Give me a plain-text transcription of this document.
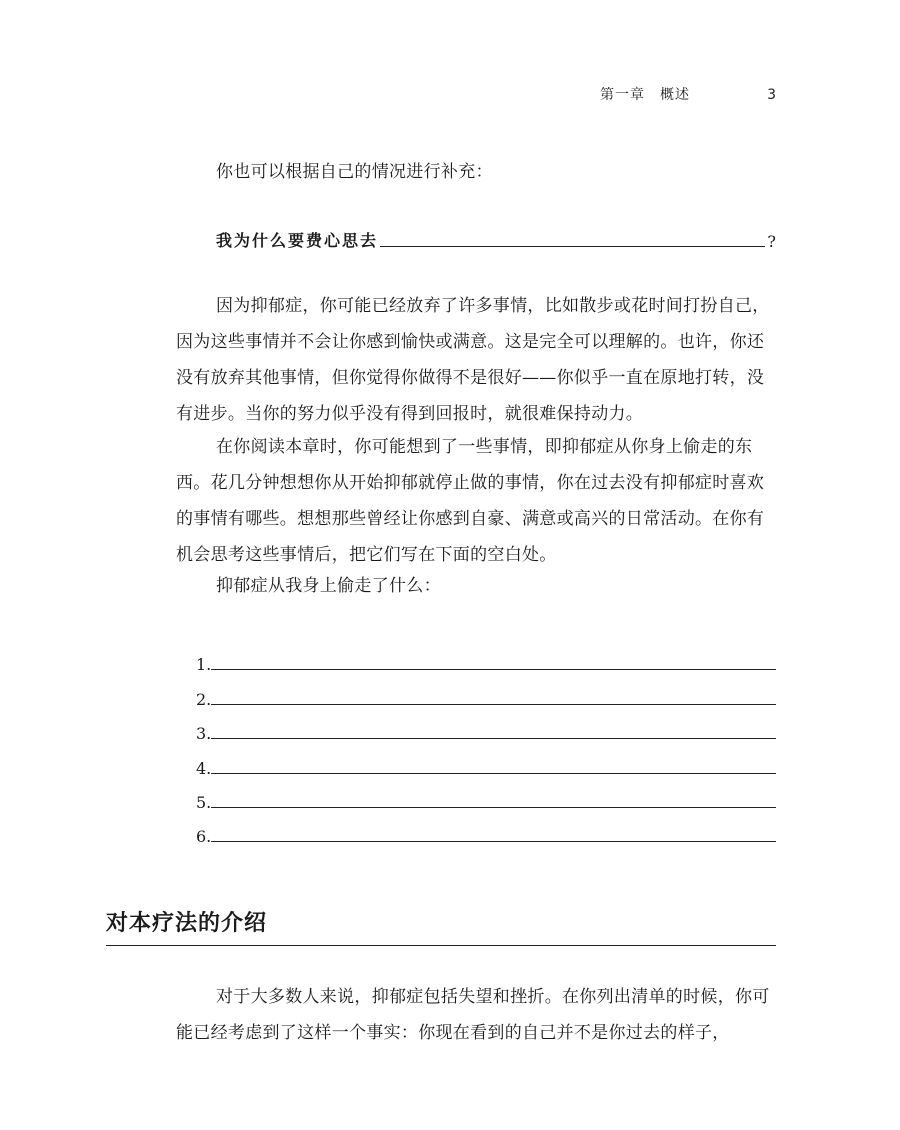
第一章　概述	3

你也可以根据自己的情况进行补充：

我为什么要费心思去	?

因为抑郁症，你可能已经放弃了许多事情，比如散步或花时间打扮自己，因为这些事情并不会让你感到愉快或满意。这是完全可以理解的。也许，你还没有放弃其他事情，但你觉得你做得不是很好——你似乎一直在原地打转，没有进步。当你的努力似乎没有得到回报时，就很难保持动力。

在你阅读本章时，你可能想到了一些事情，即抑郁症从你身上偷走的东西。花几分钟想想你从开始抑郁就停止做的事情，你在过去没有抑郁症时喜欢的事情有哪些。想想那些曾经让你感到自豪、满意或高兴的日常活动。在你有机会思考这些事情后，把它们写在下面的空白处。

抑郁症从我身上偷走了什么：

1.
2.
3.
4.
5.
6.
对本疗法的介绍

对于大多数人来说，抑郁症包括失望和挫折。在你列出清单的时候，你可能已经考虑到了这样一个事实：你现在看到的自己并不是你过去的样子，
